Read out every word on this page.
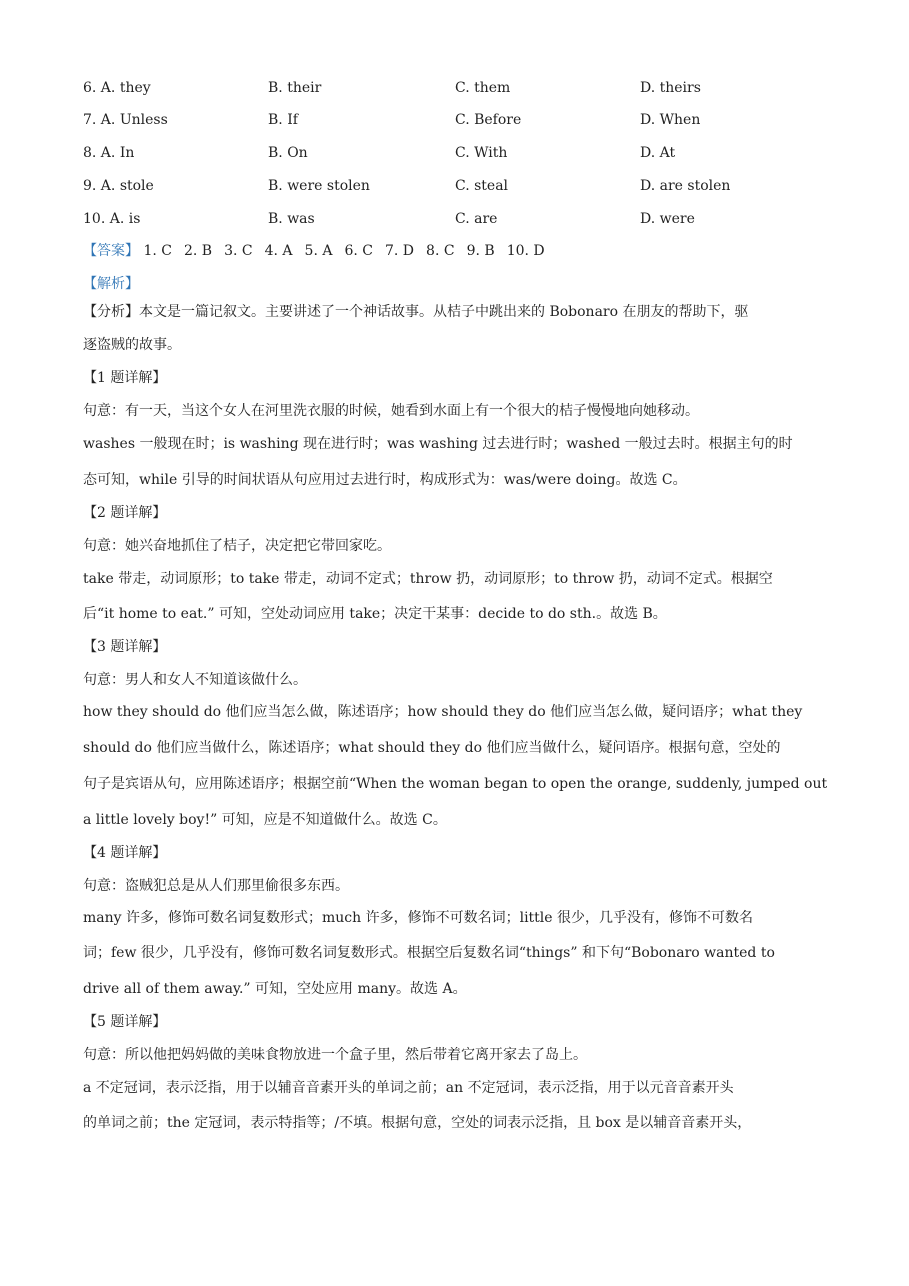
6. A. they	B. their	C. them	D. theirs
7. A. Unless	B. If	C. Before	D. When
8. A. In	B. On	C. With	D. At
9. A. stole	B. were stolen	C. steal	D. are stolen
10. A. is	B. was	C. are	D. were
【答案】 1. C 2. B 3. C 4. A 5. A 6. C 7. D 8. C 9. B 10. D
【解析】
【分析】本文是一篇记叙文。主要讲述了一个神话故事。从桔子中跳出来的 Bobonaro 在朋友的帮助下，驱
逐盗贼的故事。
【1 题详解】
句意：有一天，当这个女人在河里洗衣服的时候，她看到水面上有一个很大的桔子慢慢地向她移动。
washes 一般现在时；is washing 现在进行时；was washing 过去进行时；washed 一般过去时。根据主句的时
态可知，while 引导的时间状语从句应用过去进行时，构成形式为：was/were doing。故选 C。
【2 题详解】
句意：她兴奋地抓住了桔子，决定把它带回家吃。
take 带走，动词原形；to take 带走，动词不定式；throw 扔，动词原形；to throw 扔，动词不定式。根据空
后“it home to eat.” 可知，空处动词应用 take；决定干某事：decide to do sth.。故选 B。
【3 题详解】
句意：男人和女人不知道该做什么。
how they should do 他们应当怎么做，陈述语序；how should they do 他们应当怎么做，疑问语序；what they
should do 他们应当做什么，陈述语序；what should they do 他们应当做什么，疑问语序。根据句意，空处的
句子是宾语从句，应用陈述语序；根据空前“When the woman began to open the orange, suddenly, jumped out
a little lovely boy!” 可知，应是不知道做什么。故选 C。
【4 题详解】
句意：盗贼犯总是从人们那里偷很多东西。
many 许多，修饰可数名词复数形式；much 许多，修饰不可数名词；little 很少，几乎没有，修饰不可数名
词；few 很少，几乎没有，修饰可数名词复数形式。根据空后复数名词“things” 和下句“Bobonaro wanted to
drive all of them away.” 可知，空处应用 many。故选 A。
【5 题详解】
句意：所以他把妈妈做的美味食物放进一个盒子里，然后带着它离开家去了岛上。
a 不定冠词，表示泛指，用于以辅音音素开头的单词之前；an 不定冠词，表示泛指，用于以元音音素开头
的单词之前；the 定冠词，表示特指等；/不填。根据句意，空处的词表示泛指，且 box 是以辅音音素开头，
